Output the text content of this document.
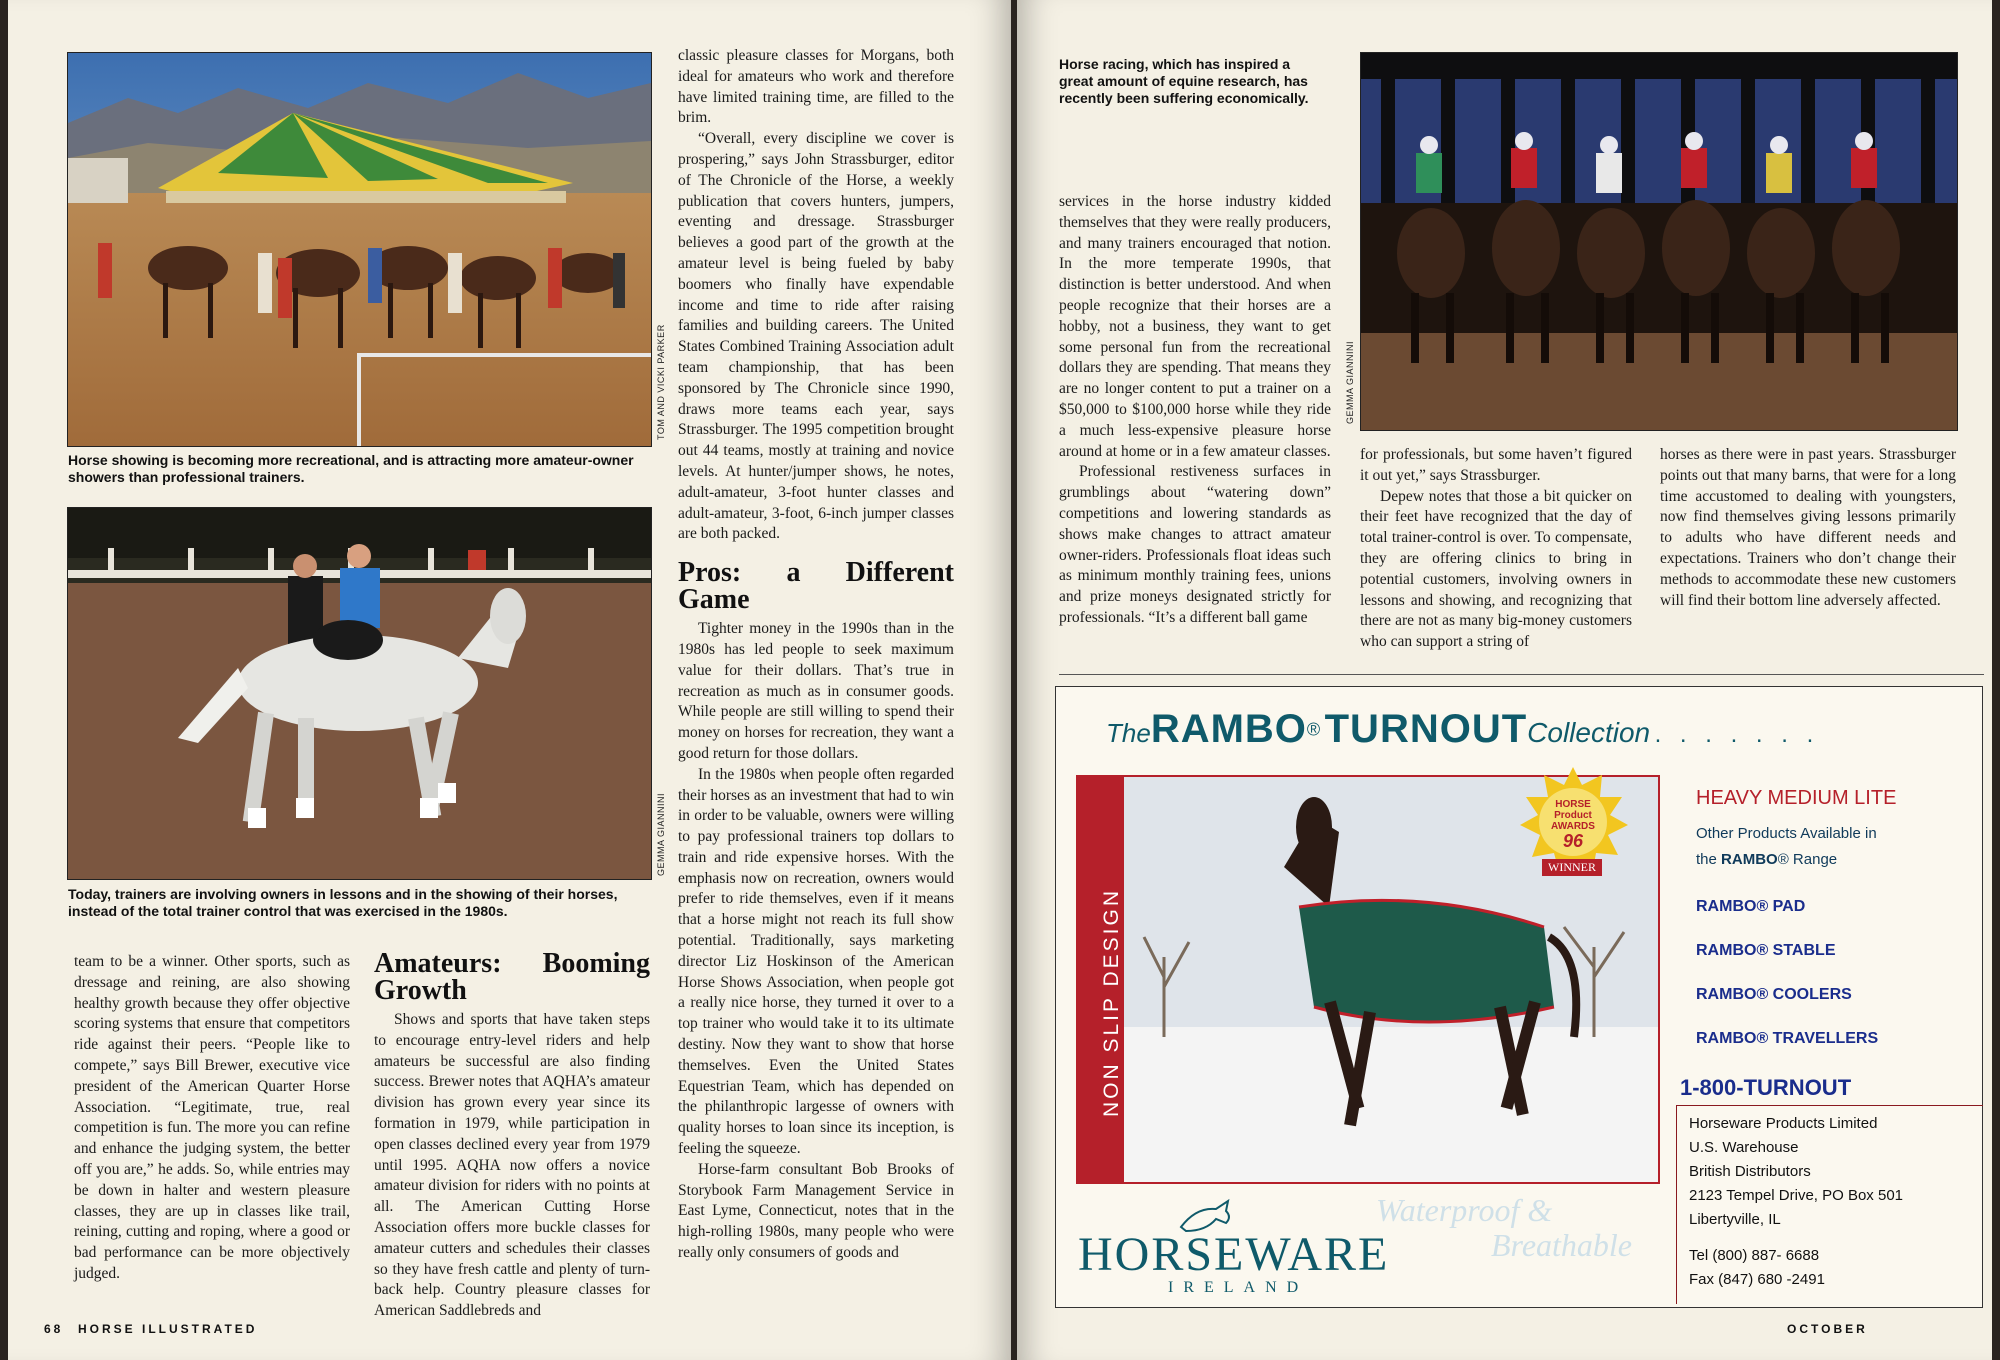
TOM AND VICKI PARKER
Horse showing is becoming more recreational, and is attracting more amateur-owner showers than professional trainers.
GEMMA GIANNINI
Today, trainers are involving owners in lessons and in the showing of their horses, instead of the total trainer control that was exercised in the 1980s.

team to be a winner. Other sports, such as dressage and reining, are also showing healthy growth because they offer objective scoring systems that ensure that competitors ride against their peers. “People like to compete,” says Bill Brewer, executive vice president of the American Quarter Horse Association. “Legitimate, true, real competition is fun. The more you can refine and enhance the judging system, the better off you are,” he adds. So, while entries may be down in halter and western pleasure classes, they are up in classes like trail, reining, cutting and roping, where a good or bad performance can be more objectively judged.

Amateurs: Booming Growth

Shows and sports that have taken steps to encourage entry-level riders and help amateurs be successful are also finding success. Brewer notes that AQHA’s amateur division has grown every year since its formation in 1979, while participation in open classes declined every year from 1979 until 1995. AQHA now offers a novice amateur division for riders with no points at all. The American Cutting Horse Association offers more buckle classes for amateur cutters and schedules their classes so they have fresh cattle and plenty of turn-back help. Country pleasure classes for American Saddlebreds and

classic pleasure classes for Morgans, both ideal for amateurs who work and therefore have limited training time, are filled to the brim.

“Overall, every discipline we cover is prospering,” says John Strassburger, editor of The Chronicle of the Horse, a weekly publication that covers hunters, jumpers, eventing and dressage. Strassburger believes a good part of the growth at the amateur level is being fueled by baby boomers who finally have expendable income and time to ride after raising families and building careers. The United States Combined Training Association adult team championship, that has been sponsored by The Chronicle since 1990, draws more teams each year, says Strassburger. The 1995 competition brought out 44 teams, mostly at training and novice levels. At hunter/jumper shows, he notes, adult-amateur, 3-foot hunter classes and adult-amateur, 3-foot, 6-inch jumper classes are both packed.

Pros: a Different Game

Tighter money in the 1990s than in the 1980s has led people to seek maximum value for their dollars. That’s true in recreation as much as in consumer goods. While people are still willing to spend their money on horses for recreation, they want a good return for those dollars.

In the 1980s when people often regarded their horses as an investment that had to win in order to be valuable, owners were willing to pay professional trainers top dollars to train and ride expensive horses. With the emphasis now on recreation, owners would prefer to ride themselves, even if it means that a horse might not reach its full show potential. Traditionally, says marketing director Liz Hoskinson of the American Horse Shows Association, when people got a really nice horse, they turned it over to a top trainer who would take it to its ultimate destiny. Now they want to show that horse themselves. Even the United States Equestrian Team, which has depended on the philanthropic largesse of owners with quality horses to loan since its inception, is feeling the squeeze.

Horse-farm consultant Bob Brooks of Storybook Farm Management Service in East Lyme, Connecticut, notes that in the high-rolling 1980s, many people who were really only consumers of goods and

68 HORSE ILLUSTRATED
Horse racing, which has inspired a great amount of equine research, has recently been suffering economically.
GEMMA GIANNINI

services in the horse industry kidded themselves that they were really producers, and many trainers encouraged that notion. In the more temperate 1990s, that distinction is better understood. And when people recognize that their horses are a hobby, not a business, they want to get some personal fun from the recreational dollars they are spending. That means they are no longer content to put a trainer on a $50,000 to $100,000 horse while they ride a much less-expensive pleasure horse around at home or in a few amateur classes.

Professional restiveness surfaces in grumblings about “watering down” competitions and lowering standards as shows make changes to attract amateur owner-riders. Professionals float ideas such as minimum monthly training fees, unions and prize moneys designated strictly for professionals. “It’s a different ball game

for professionals, but some haven’t figured it out yet,” says Strassburger.

Depew notes that those a bit quicker on their feet have recognized that the day of total trainer-control is over. To compensate, they are offering clinics to bring in potential customers, involving owners in lessons and showing, and recognizing that there are not as many big-money customers who can support a string of

horses as there were in past years. Strassburger points out that many barns, that were for a long time accustomed to dealing with youngsters, now find themselves giving lessons primarily to adults who have different needs and expectations. Trainers who don’t change their methods to accommodate these new customers will find their bottom line adversely affected.

TheRAMBO® TURNOUTCollection . . . . . . .
NON SLIP DESIGN
HORSE
Product AWARDS
96
WINNER
HEAVY MEDIUM LITE
Other Products Available in
the RAMBO® Range
RAMBO® PAD
RAMBO® STABLE
RAMBO® COOLERS
RAMBO® TRAVELLERS
1-800-TURNOUT
Horseware Products Limited
U.S. Warehouse
British Distributors
2123 Tempel Drive, PO Box 501
Libertyville, IL
Tel (800) 887- 6688
Fax (847) 680 -2491
HORSEWARE
IRELAND
Waterproof &
Breathable
OCTOBER
